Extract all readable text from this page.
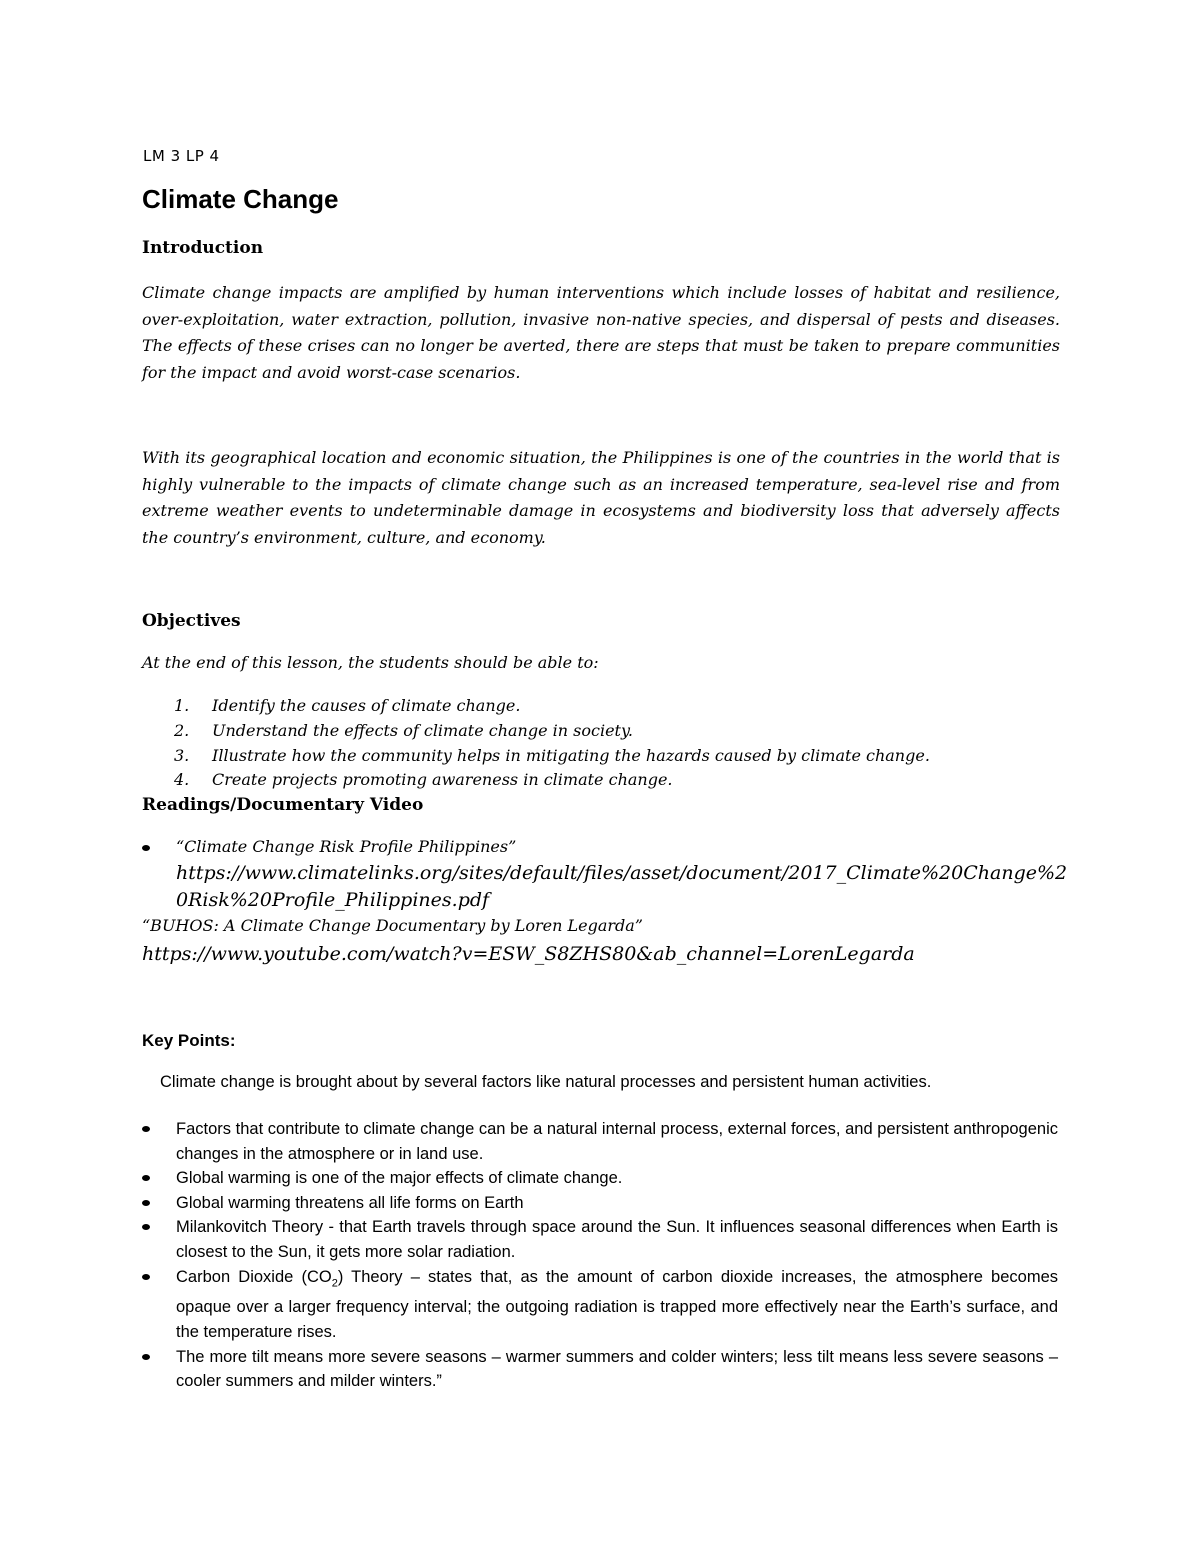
LM 3 LP 4
Climate Change
Introduction

Climate change impacts are amplified by human interventions which include losses of habitat and resilience, over-exploitation, water extraction, pollution, invasive non-native species, and dispersal of pests and diseases. The effects of these crises can no longer be averted, there are steps that must be taken to prepare communities for the impact and avoid worst-case scenarios.

With its geographical location and economic situation, the Philippines is one of the countries in the world that is highly vulnerable to the impacts of climate change such as an increased temperature, sea-level rise and from extreme weather events to undeterminable damage in ecosystems and biodiversity loss that adversely affects the country’s environment, culture, and economy.

Objectives

At the end of this lesson, the students should be able to:

1. Identify the causes of climate change.
2. Understand the effects of climate change in society.
3. Illustrate how the community helps in mitigating the hazards caused by climate change.
4. Create projects promoting awareness in climate change.
Readings/Documentary Video

“Climate Change Risk Profile Philippines”

https://www.climatelinks.org/sites/default/files/asset/document/2017_Climate%20Change%2

0Risk%20Profile_Philippines.pdf

“BUHOS: A Climate Change Documentary by Loren Legarda”

https://www.youtube.com/watch?v=ESW_S8ZHS80&ab_channel=LorenLegarda

Key Points:

Climate change is brought about by several factors like natural processes and persistent human activities.

Factors that contribute to climate change can be a natural internal process, external forces, and persistent anthropogenic changes in the atmosphere or in land use.
Global warming is one of the major effects of climate change.
Global warming threatens all life forms on Earth
Milankovitch Theory - that Earth travels through space around the Sun. It influences seasonal differences when Earth is closest to the Sun, it gets more solar radiation.
Carbon Dioxide $(CO_2)$ Theory – states that, as the amount of carbon dioxide increases, the atmosphere becomes opaque over a larger frequency interval; the outgoing radiation is trapped more effectively near the Earth’s surface, and the temperature rises.
The more tilt means more severe seasons – warmer summers and colder winters; less tilt means less severe seasons – cooler summers and milder winters.”
